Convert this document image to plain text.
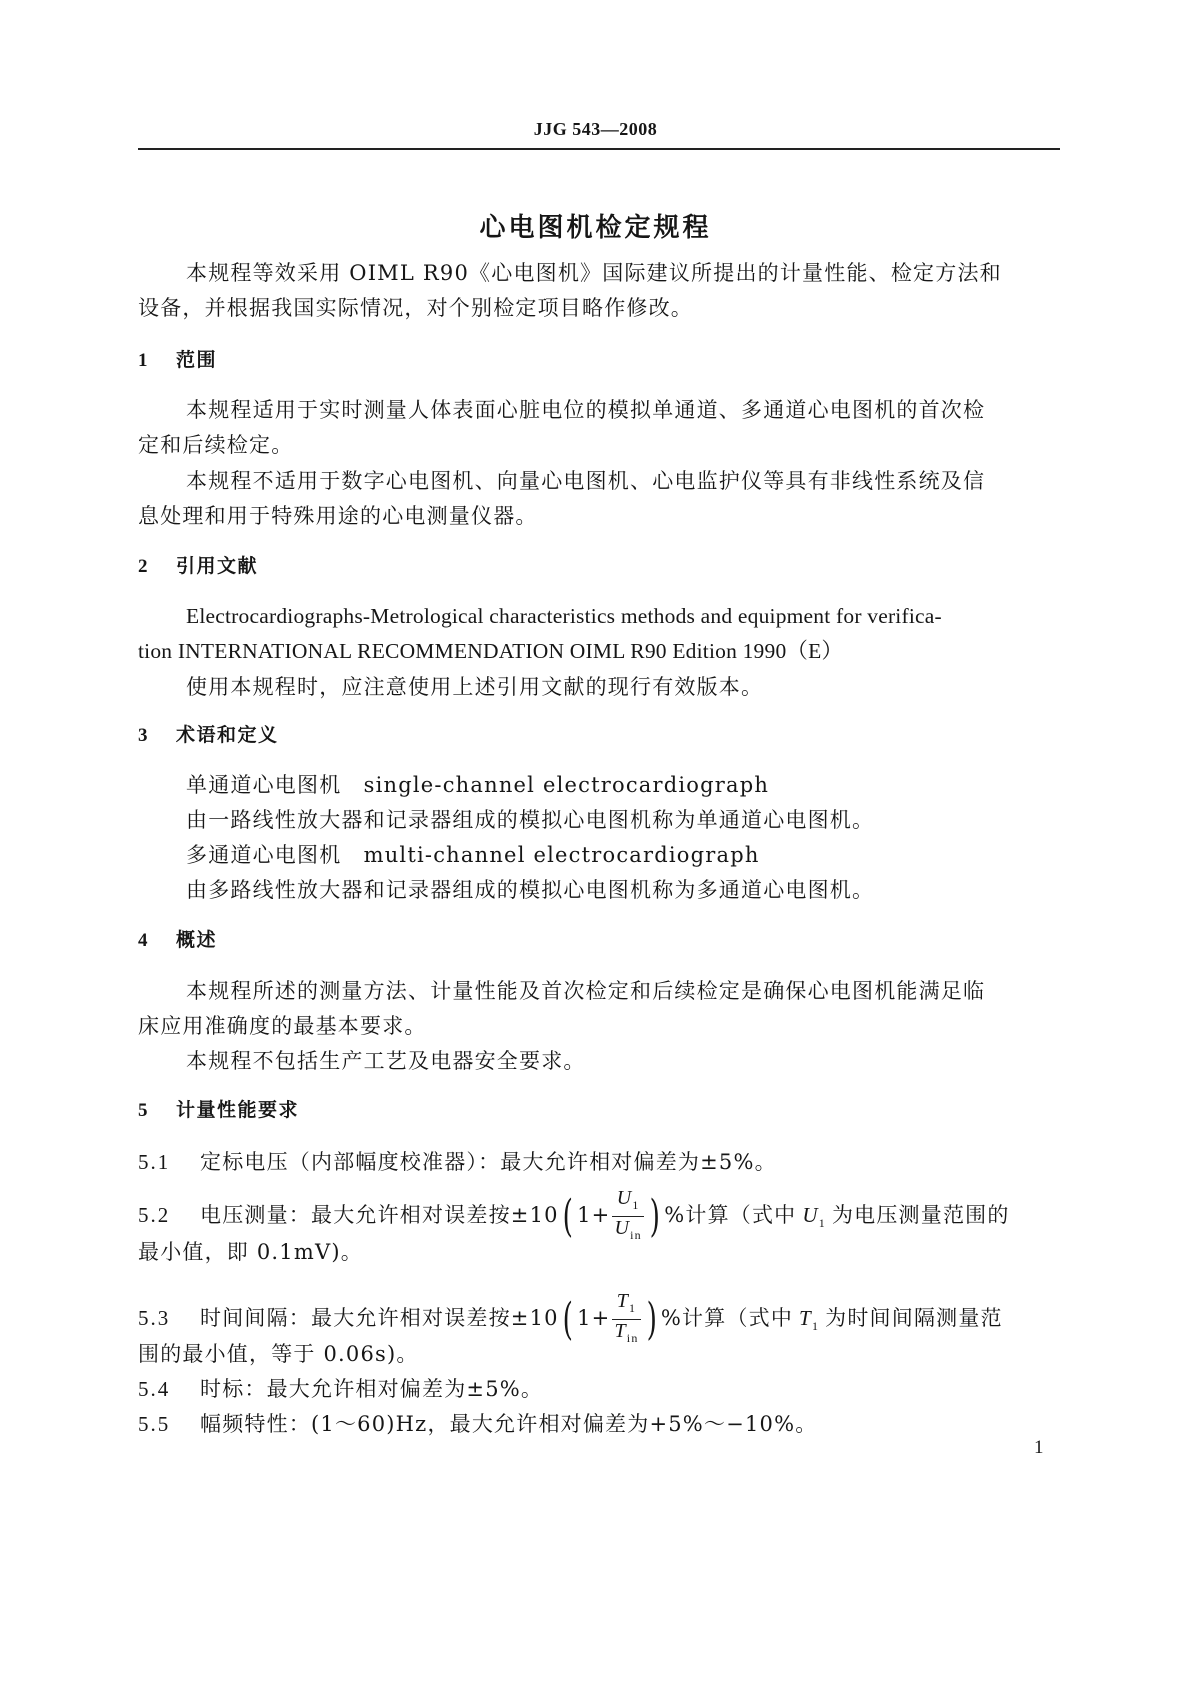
JJG 543—2008
心电图机检定规程
本规程等效采用 OIML R90《心电图机》国际建议所提出的计量性能、检定方法和
设备，并根据我国实际情况，对个别检定项目略作修改。
1 范围
本规程适用于实时测量人体表面心脏电位的模拟单通道、多通道心电图机的首次检
定和后续检定。
本规程不适用于数字心电图机、向量心电图机、心电监护仪等具有非线性系统及信
息处理和用于特殊用途的心电测量仪器。
2 引用文献
Electrocardiographs-Metrological characteristics methods and equipment for verifica-
tion INTERNATIONAL RECOMMENDATION OIML R90 Edition 1990（E）
使用本规程时，应注意使用上述引用文献的现行有效版本。
3 术语和定义
单通道心电图机　single-channel electrocardiograph
由一路线性放大器和记录器组成的模拟心电图机称为单通道心电图机。
多通道心电图机　multi-channel electrocardiograph
由多路线性放大器和记录器组成的模拟心电图机称为多通道心电图机。
4 概述
本规程所述的测量方法、计量性能及首次检定和后续检定是确保心电图机能满足临
床应用准确度的最基本要求。
本规程不包括生产工艺及电器安全要求。
5 计量性能要求
5.1 定标电压（内部幅度校准器）：最大允许相对偏差为±5%。
5.2 电压测量：最大允许相对误差按±10( $1+ \frac{U_1}{U_{in}}$ ) %计算（式中 $U_1$ 为电压测量范围的
最小值，即 0.1mV)。
5.3 时间间隔：最大允许相对误差按±10( $1+ \frac{T_1}{T_{in}}$ ) %计算（式中 $T_1$ 为时间间隔测量范
围的最小值，等于 0.06s)。
5.4 时标：最大允许相对偏差为±5%。
5.5 幅频特性：(1～60)Hz，最大允许相对偏差为+5%～−10%。
1
